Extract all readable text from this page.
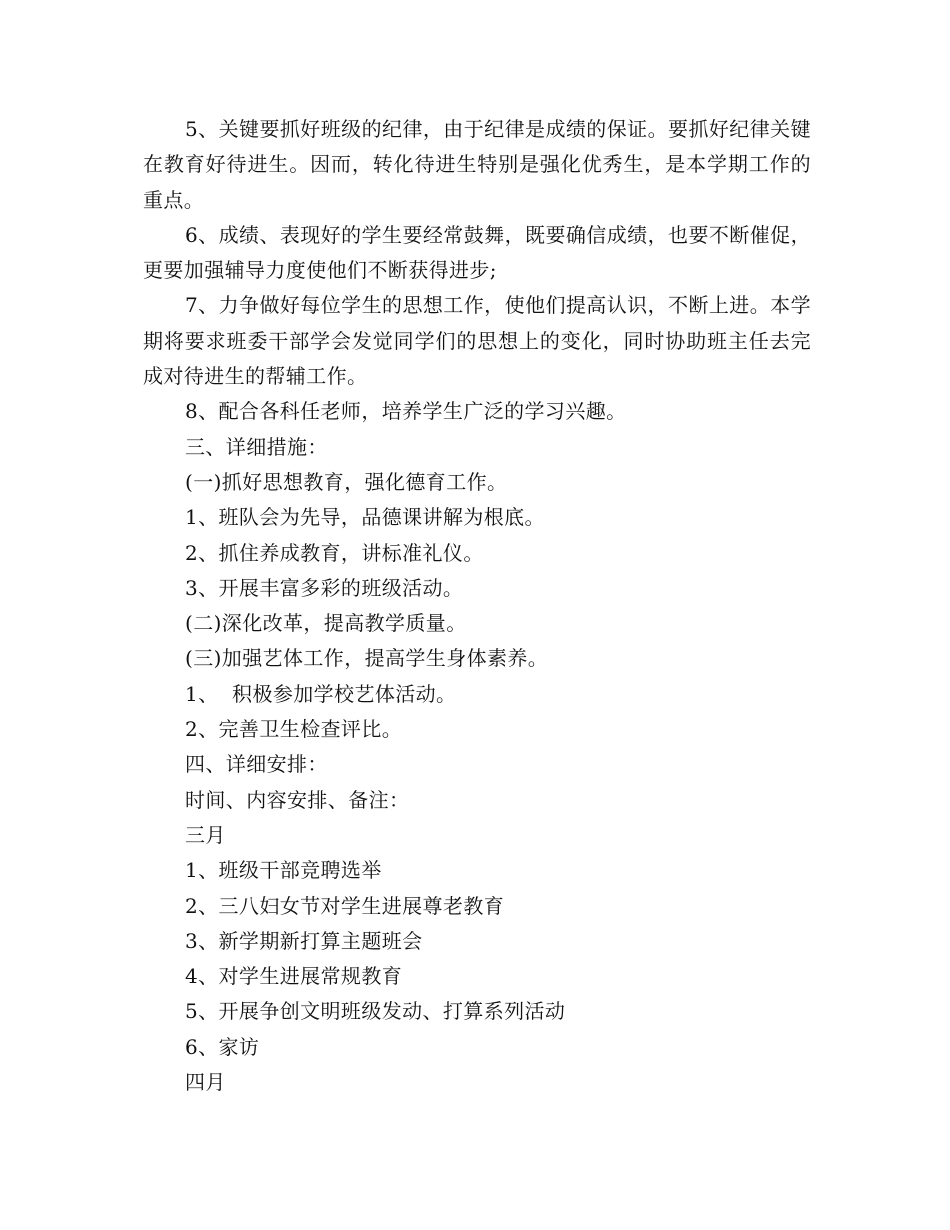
5、关键要抓好班级的纪律，由于纪律是成绩的保证。要抓好纪律关键在教育好待进生。因而，转化待进生特别是强化优秀生，是本学期工作的重点。

6、成绩、表现好的学生要经常鼓舞，既要确信成绩，也要不断催促，更要加强辅导力度使他们不断获得进步;

7、力争做好每位学生的思想工作，使他们提高认识，不断上进。本学期将要求班委干部学会发觉同学们的思想上的变化，同时协助班主任去完成对待进生的帮辅工作。

8、配合各科任老师，培养学生广泛的学习兴趣。

三、详细措施：

(一)抓好思想教育，强化德育工作。

1、班队会为先导，品德课讲解为根底。

2、抓住养成教育，讲标准礼仪。

3、开展丰富多彩的班级活动。

(二)深化改革，提高教学质量。

(三)加强艺体工作，提高学生身体素养。

1、  积极参加学校艺体活动。

2、完善卫生检查评比。

四、详细安排：

时间、内容安排、备注：

三月

1、班级干部竞聘选举

2、三八妇女节对学生进展尊老教育

3、新学期新打算主题班会

4、对学生进展常规教育

5、开展争创文明班级发动、打算系列活动

6、家访

四月
